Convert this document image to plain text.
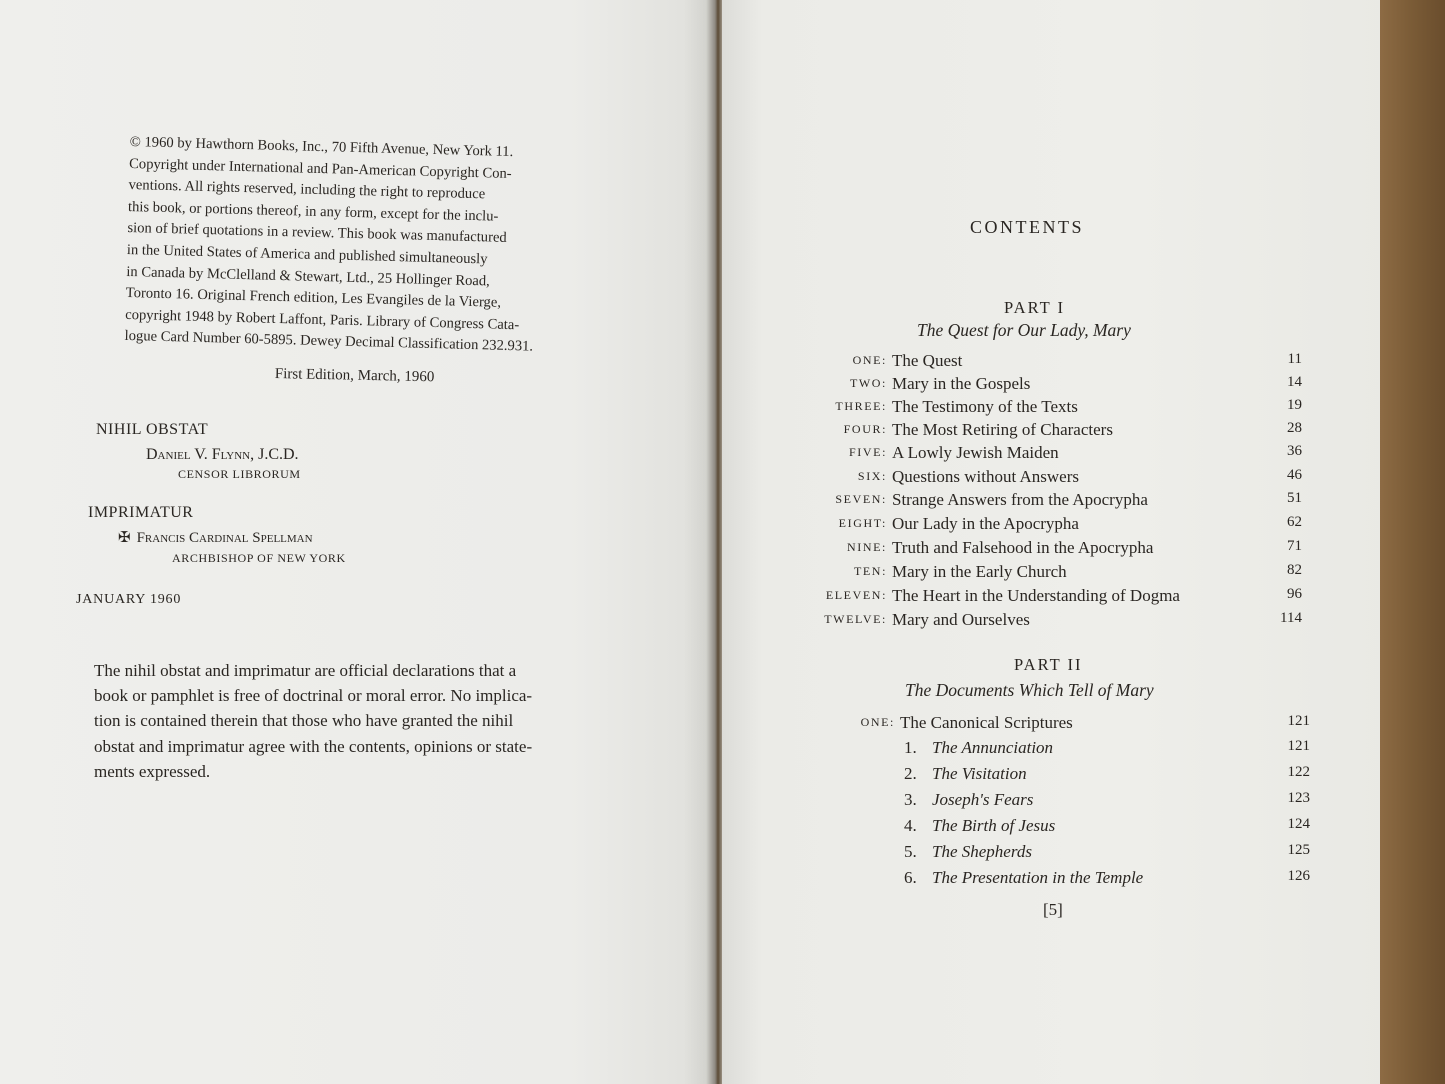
© 1960 by Hawthorn Books, Inc., 70 Fifth Avenue, New York 11.

Copyright under International and Pan-American Copyright Con-

ventions. All rights reserved, including the right to reproduce

this book, or portions thereof, in any form, except for the inclu-

sion of brief quotations in a review. This book was manufactured

in the United States of America and published simultaneously

in Canada by McClelland & Stewart, Ltd., 25 Hollinger Road,

Toronto 16. Original French edition, Les Evangiles de la Vierge,

copyright 1948 by Robert Laffont, Paris. Library of Congress Cata-

logue Card Number 60-5895. Dewey Decimal Classification 232.931.

First Edition, March, 1960
NIHIL OBSTAT
Daniel V. Flynn, J.C.D.
CENSOR LIBRORUM
IMPRIMATUR
✠ Francis Cardinal Spellman
ARCHBISHOP OF NEW YORK
JANUARY 1960
The nihil obstat and imprimatur are official declarations that a
book or pamphlet is free of doctrinal or moral error. No implica-
tion is contained therein that those who have granted the nihil
obstat and imprimatur agree with the contents, opinions or state-
ments expressed.
CONTENTS
PART I
The Quest for Our Lady, Mary
ONE: The Quest	11
TWO: Mary in the Gospels	14
THREE: The Testimony of the Texts	19
FOUR: The Most Retiring of Characters	28
FIVE: A Lowly Jewish Maiden	36
SIX: Questions without Answers	46
SEVEN: Strange Answers from the Apocrypha	51
EIGHT: Our Lady in the Apocrypha	62
NINE: Truth and Falsehood in the Apocrypha	71
TEN: Mary in the Early Church	82
ELEVEN: The Heart in the Understanding of Dogma	96
TWELVE: Mary and Ourselves	114
PART II
The Documents Which Tell of Mary
ONE: The Canonical Scriptures	121
1. The Annunciation	121
2. The Visitation	122
3. Joseph's Fears	123
4. The Birth of Jesus	124
5. The Shepherds	125
6. The Presentation in the Temple	126
[5]
